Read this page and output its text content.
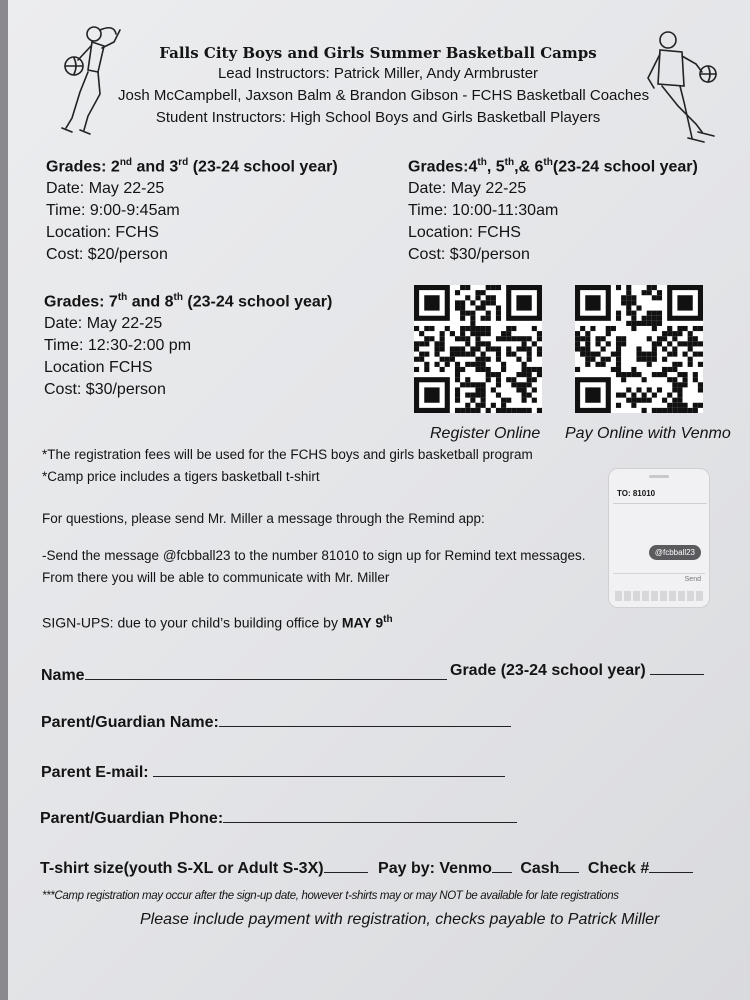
Falls City Boys and Girls Summer Basketball Camps
Lead Instructors: Patrick Miller, Andy Armbruster
Josh McCampbell, Jaxson Balm & Brandon Gibson - FCHS Basketball Coaches
Student Instructors: High School Boys and Girls Basketball Players
Grades: 2nd and 3rd (23-24 school year)
Date: May 22-25
Time: 9:00-9:45am
Location: FCHS
Cost: $20/person
Grades:4th, 5th,& 6th(23-24 school year)
Date: May 22-25
Time: 10:00-11:30am
Location: FCHS
Cost: $30/person
Grades: 7th and 8th (23-24 school year)
Date: May 22-25
Time: 12:30-2:00 pm
Location FCHS
Cost: $30/person
Register Online Pay Online with Venmo
*The registration fees will be used for the FCHS boys and girls basketball program
*Camp price includes a tigers basketball t-shirt
For questions, please send Mr. Miller a message through the Remind app:
-Send the message @fcbball23 to the number 81010 to sign up for Remind text messages.
From there you will be able to communicate with Mr. Miller
SIGN-UPS: due to your child’s building office by MAY 9th
TO: 81010
@fcbball23
Send
Name	Grade (23-24 school year)
Parent/Guardian Name:
Parent E-mail:
Parent/Guardian Phone:
T-shirt size(youth S-XL or Adult S-3X)	Pay by: Venmo Cash Check #
***Camp registration may occur after the sign-up date, however t-shirts may or may NOT be available for late registrations
Please include payment with registration, checks payable to Patrick Miller
